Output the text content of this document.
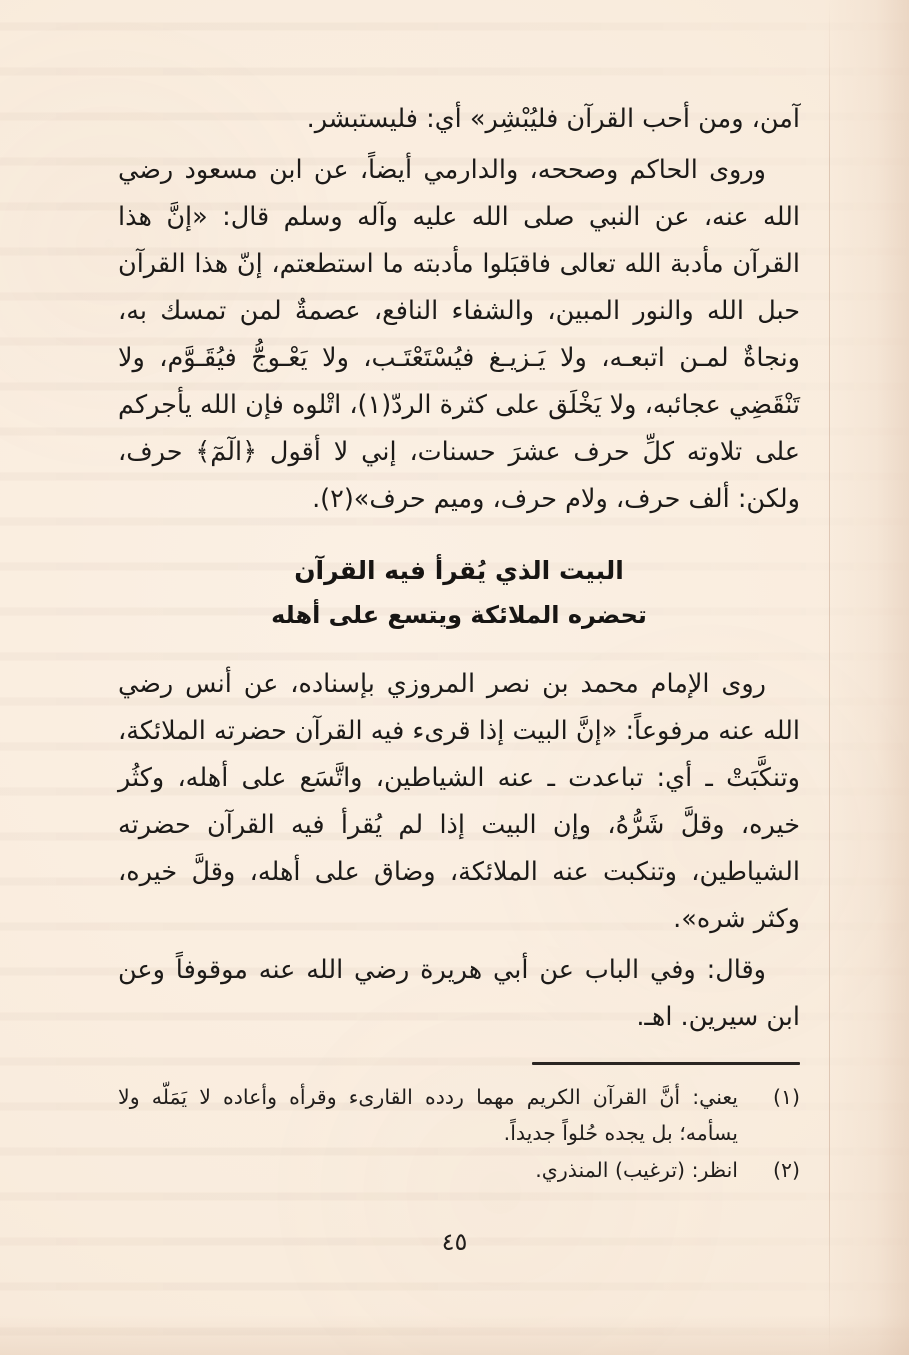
آمن، ومن أحب القرآن فليُبْشِر» أي: فليستبشر.

وروى الحاكم وصححه، والدارمي أيضاً، عن ابن مسعود رضي الله عنه، عن النبي صلى الله عليه وآله وسلم قال: «إنَّ هذا القرآن مأدبة الله تعالى فاقبَلوا مأدبته ما استطعتم، إنّ هذا القرآن حبل الله والنور المبين، والشفاء النافع، عصمةٌ لمن تمسك به، ونجاةٌ لمـن اتبعـه، ولا يَـزيـغ فيُسْتَعْتَـب، ولا يَعْـوجُّ فيُقَـوَّم، ولا تَنْقَضِي عجائبه، ولا يَخْلَق على كثرة الردّ(١)، اتْلوه فإن الله يأجركم على تلاوته كلِّ حرف عشرَ حسنات، إني لا أقول ﴿الٓمٓ﴾ حرف، ولكن: ألف حرف، ولام حرف، وميم حرف»(٢).

البيت الذي يُقرأ فيه القرآن
تحضره الملائكة ويتسع على أهله

روى الإمام محمد بن نصر المروزي بإسناده، عن أنس رضي الله عنه مرفوعاً: «إنَّ البيت إذا قرىء فيه القرآن حضرته الملائكة، وتنكَّبَتْ ـ أي: تباعدت ـ عنه الشياطين، واتَّسَع على أهله، وكثُر خيره، وقلَّ شَرُّهُ، وإن البيت إذا لم يُقرأ فيه القرآن حضرته الشياطين، وتنكبت عنه الملائكة، وضاق على أهله، وقلَّ خيره، وكثر شره».

وقال: وفي الباب عن أبي هريرة رضي الله عنه موقوفاً وعن ابن سيرين. اهـ.

(١)
يعني: أنَّ القرآن الكريم مهما ردده القارىء وقرأه وأعاده لا يَمَلّه ولا يسأمه؛ بل يجده حُلواً جديداً.
(٢)
انظر: (ترغيب) المنذري.
٤٥
